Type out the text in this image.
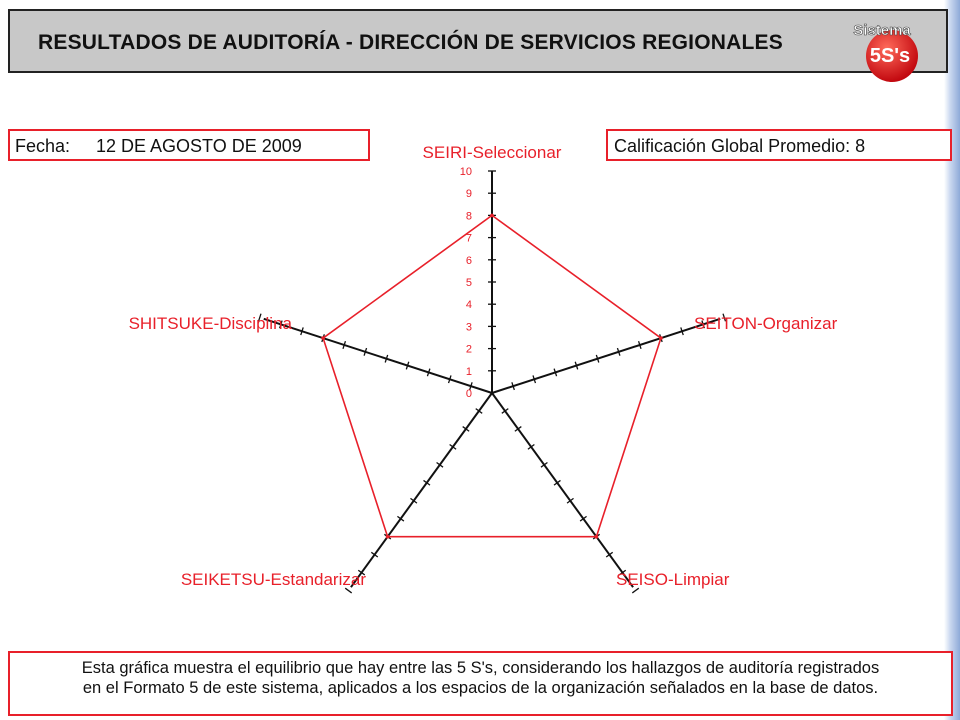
RESULTADOS DE AUDITORÍA - DIRECCIÓN DE SERVICIOS REGIONALES
Sistema
5S's
Fecha: 12 DE AGOSTO DE 2009	Calificación Global Promedio: 8
SEIRI-Seleccionar
SEITON-Organizar
SEISO-Limpiar
SEIKETSU-Estandarizar
SHITSUKE-Disciplina
0
1
2
3
4
5
6
7
8
9
10
Esta gráfica muestra el equilibrio que hay entre las 5 S's, considerando los hallazgos de auditoría registrados
en el Formato 5 de este sistema, aplicados a los espacios de la organización señalados en la base de datos.
